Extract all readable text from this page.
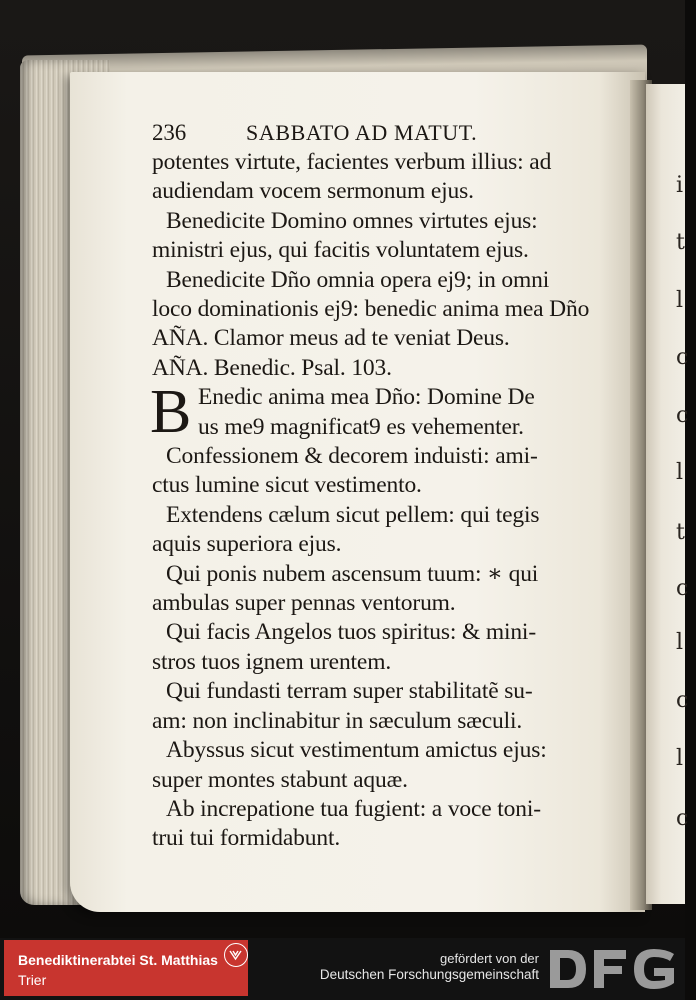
i
t
l
c
c
l
t
c
l
c
l
c
236	SABBATO AD MATUT.
potentes virtute, facientes verbum illius: ad
audiendam vocem sermonum ejus.
Benedicite Domino omnes virtutes ejus:
ministri ejus, qui facitis voluntatem ejus.
Benedicite Dño omnia opera ej9; in omni
loco dominationis ej9: benedic anima mea Dño
AÑA. Clamor meus ad te veniat Deus.
AÑA. Benedic. Psal. 103.
B Enedic anima mea Dño: Domine De
us me9 magnificat9 es vehementer.
Confessionem & decorem induisti: ami-
ctus lumine sicut vestimento.
Extendens cælum sicut pellem: qui tegis
aquis superiora ejus.
Qui ponis nubem ascensum tuum: ∗ qui
ambulas super pennas ventorum.
Qui facis Angelos tuos spiritus: & mini-
stros tuos ignem urentem.
Qui fundasti terram super stabilitatẽ su-
am: non inclinabitur in sæculum sæculi.
Abyssus sicut vestimentum amictus ejus:
super montes stabunt aquæ.
Ab increpatione tua fugient: a voce toni-
trui tui formidabunt.
Benediktinerabtei St. Matthias
Trier
gefördert von der
Deutschen Forschungsgemeinschaft
DFG
